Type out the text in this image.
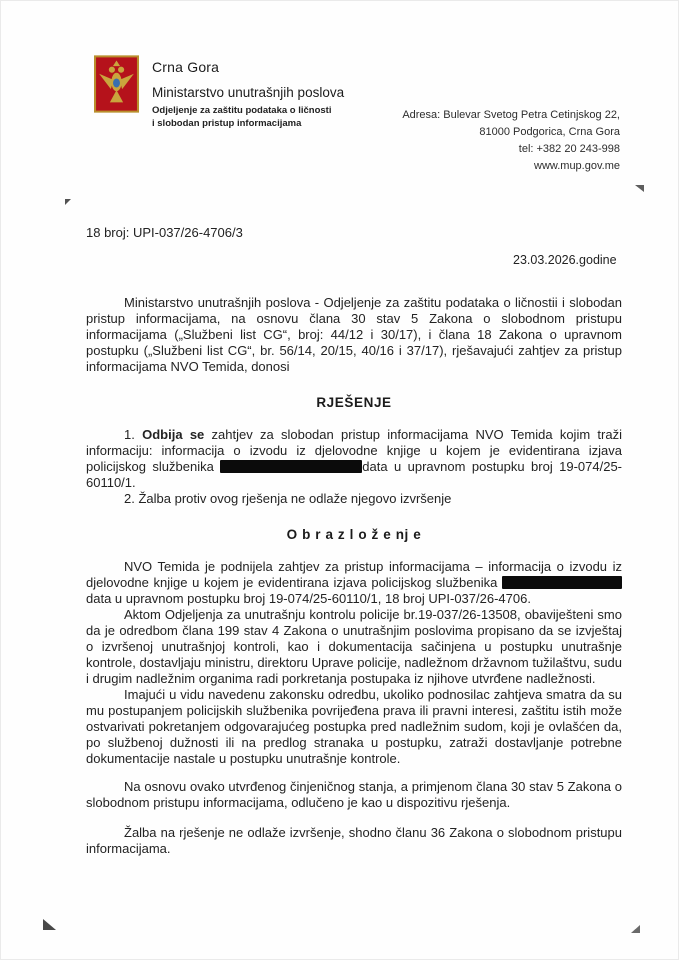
Crna Gora
Ministarstvo unutrašnjih poslova
Odjeljenje za zaštitu podataka o ličnosti
i slobodan pristup informacijama
Adresa: Bulevar Svetog Petra Cetinjskog 22,
81000 Podgorica, Crna Gora
tel: +382 20 243-998
www.mup.gov.me
18 broj: UPI-037/26-4706/3
23.03.2026.godine

Ministarstvo unutrašnjih poslova - Odjeljenje za zaštitu podataka o ličnostii i slobodan pristup informacijama, na osnovu člana 30 stav 5 Zakona o slobodnom pristupu informacijama („Službeni list CG“, broj: 44/12 i 30/17), i člana 18 Zakona o upravnom postupku („Službeni list CG“, br. 56/14, 20/15, 40/16 i 37/17), rješavajući zahtjev za pristup informacijama NVO Temida, donosi

RJEŠENJE

1. Odbija se zahtjev za slobodan pristup informacijama NVO Temida kojim traži informaciju: informacija o izvodu iz djelovodne knjige u kojem je evidentirana izjava policijskog službenika	data u upravnom postupku broj 19-074/25-60110/1.

2. Žalba protiv ovog rješenja ne odlaže njegovo izvršenje

O b r a z l o ž e nj e

NVO Temida je podnijela zahtjev za pristup informacijama – informacija o izvodu iz djelovodne knjige u kojem je evidentirana izjava policijskog službenika data u upravnom postupku broj 19-074/25-60110/1, 18 broj UPI-037/26-4706.

Aktom Odjeljenja za unutrašnju kontrolu policije br.19-037/26-13508, obaviješteni smo da je odredbom člana 199 stav 4 Zakona o unutrašnjim poslovima propisano da se izvještaj o izvršenoj unutrašnjoj kontroli, kao i dokumentacija sačinjena u postupku unutrašnje kontrole, dostavljaju ministru, direktoru Uprave policije, nadležnom državnom tužilaštvu, sudu i drugim nadležnim organima radi porkretanja postupaka iz njihove utvrđene nadležnosti.

Imajući u vidu navedenu zakonsku odredbu, ukoliko podnosilac zahtjeva smatra da su mu postupanjem policijskih službenika povrijeđena prava ili pravni interesi, zaštitu istih može ostvarivati pokretanjem odgovarajućeg postupka pred nadležnim sudom, koji je ovlašćen da, po službenoj dužnosti ili na predlog stranaka u postupku, zatraži dostavljanje potrebne dokumentacije nastale u postupku unutrašnje kontrole.

Na osnovu ovako utvrđenog činjeničnog stanja, a primjenom člana 30 stav 5 Zakona o slobodnom pristupu informacijama, odlučeno je kao u dispozitivu rješenja.

Žalba na rješenje ne odlaže izvršenje, shodno članu 36 Zakona o slobodnom pristupu informacijama.
